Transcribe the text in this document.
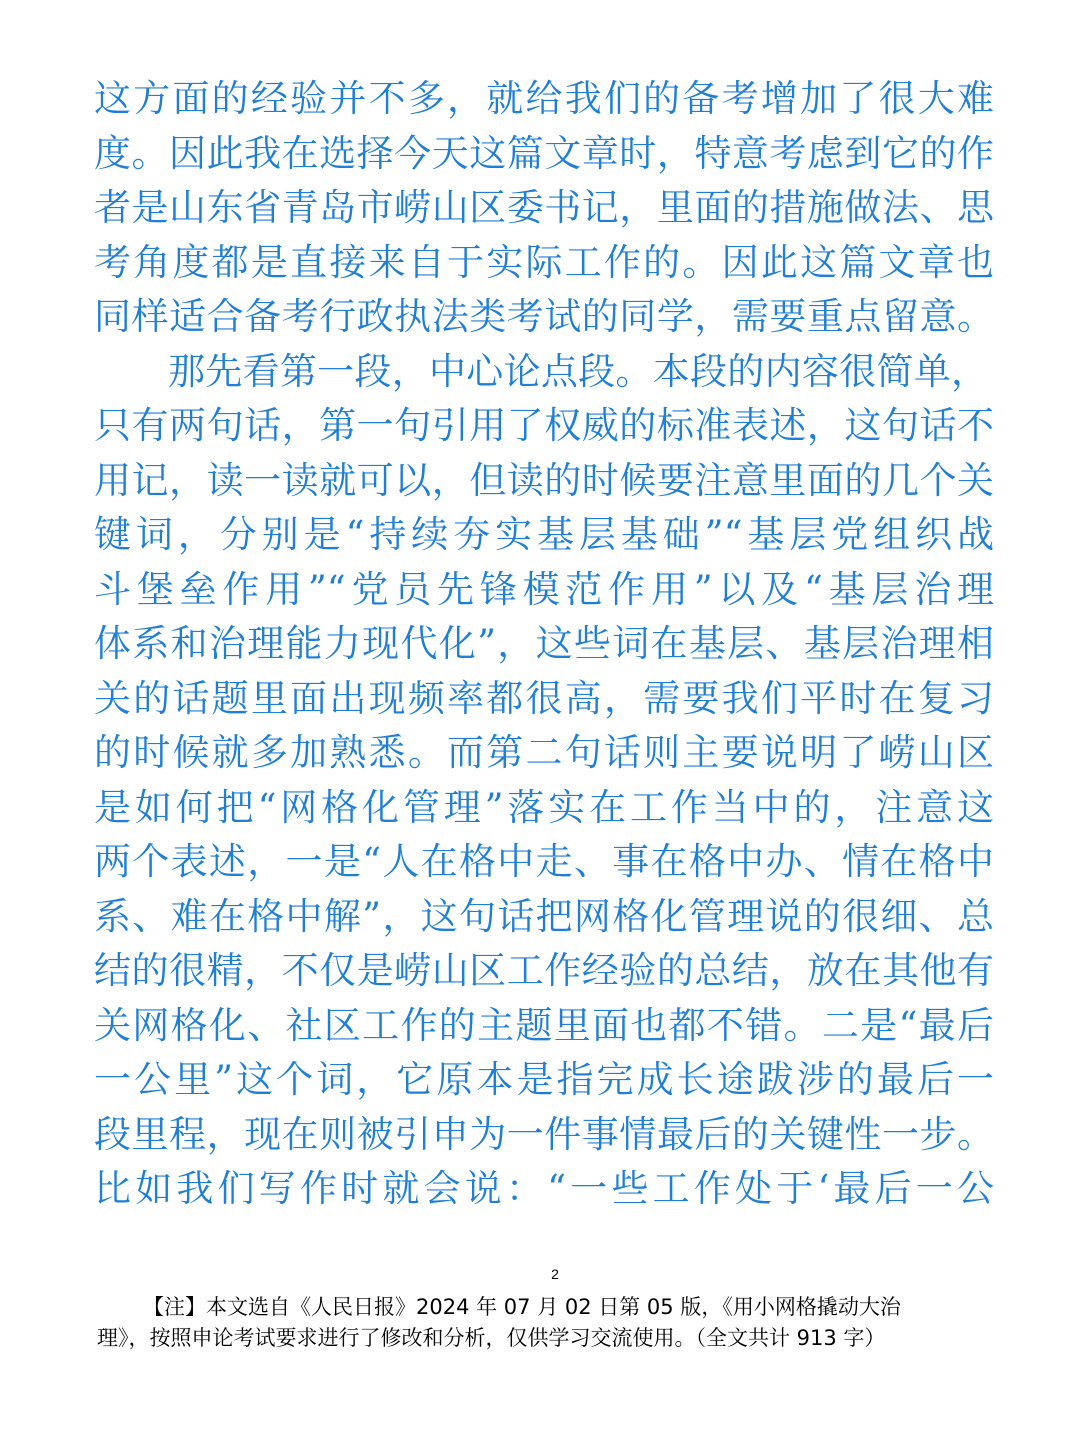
这方面的经验并不多，就给我们的备考增加了很大难
度。因此我在选择今天这篇文章时，特意考虑到它的作
者是山东省青岛市崂山区委书记，里面的措施做法、思
考角度都是直接来自于实际工作的。因此这篇文章也
同样适合备考行政执法类考试的同学，需要重点留意。
那先看第一段，中心论点段。本段的内容很简单，
只有两句话，第一句引用了权威的标准表述，这句话不
用记，读一读就可以，但读的时候要注意里面的几个关
键词，分别是“持续夯实基层基础”“基层党组织战
斗堡垒作用”“党员先锋模范作用”以及“基层治理
体系和治理能力现代化”，这些词在基层、基层治理相
关的话题里面出现频率都很高，需要我们平时在复习
的时候就多加熟悉。而第二句话则主要说明了崂山区
是如何把“网格化管理”落实在工作当中的，注意这
两个表述，一是“人在格中走、事在格中办、情在格中
系、难在格中解”，这句话把网格化管理说的很细、总
结的很精，不仅是崂山区工作经验的总结，放在其他有
关网格化、社区工作的主题里面也都不错。二是“最后
一公里”这个词，它原本是指完成长途跋涉的最后一
段里程，现在则被引申为一件事情最后的关键性一步。
比如我们写作时就会说：“一些工作处于‘最后一公
2
【注】本文选自《人民日报》2024 年 07 月 02 日第 05 版，《用小网格撬动大治
理》，按照申论考试要求进行了修改和分析，仅供学习交流使用。（全文共计 913 字）
